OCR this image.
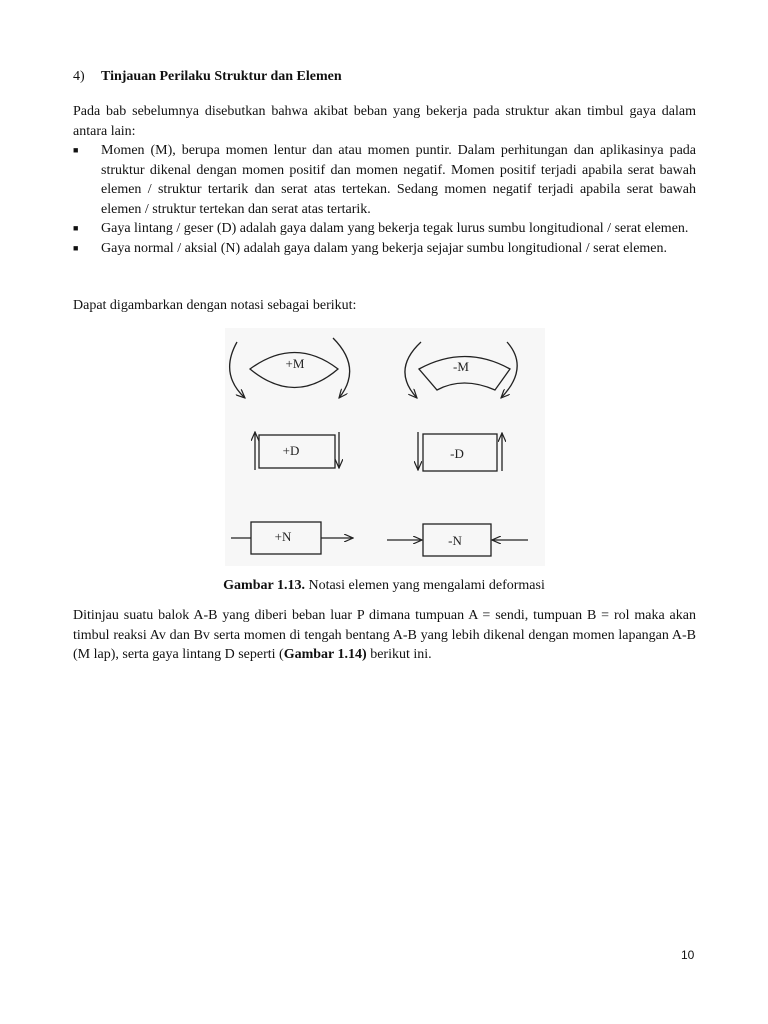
4) Tinjauan Perilaku Struktur dan Elemen
Pada bab sebelumnya disebutkan bahwa akibat beban yang bekerja pada struktur akan timbul gaya dalam antara lain:
■ Momen (M), berupa momen lentur dan atau momen puntir. Dalam perhitungan dan aplikasinya pada struktur dikenal dengan momen positif dan momen negatif. Momen positif terjadi apabila serat bawah elemen / struktur tertarik dan serat atas tertekan. Sedang momen negatif terjadi apabila serat bawah elemen / struktur tertekan dan serat atas tertarik.
■ Gaya lintang / geser (D) adalah gaya dalam yang bekerja tegak lurus sumbu longitudional / serat elemen.
■ Gaya normal / aksial (N) adalah gaya dalam yang bekerja sejajar sumbu longitudional / serat elemen.
Dapat digambarkan dengan notasi sebagai berikut:
+M	-M
+D	-D
+N	-N
Gambar 1.13. Notasi elemen yang mengalami deformasi
Ditinjau suatu balok A-B yang diberi beban luar P dimana tumpuan A = sendi, tumpuan B = rol maka akan timbul reaksi Av dan Bv serta momen di tengah bentang A-B yang lebih dikenal dengan momen lapangan A-B (M lap), serta gaya lintang D seperti (Gambar 1.14) berikut ini.
10
